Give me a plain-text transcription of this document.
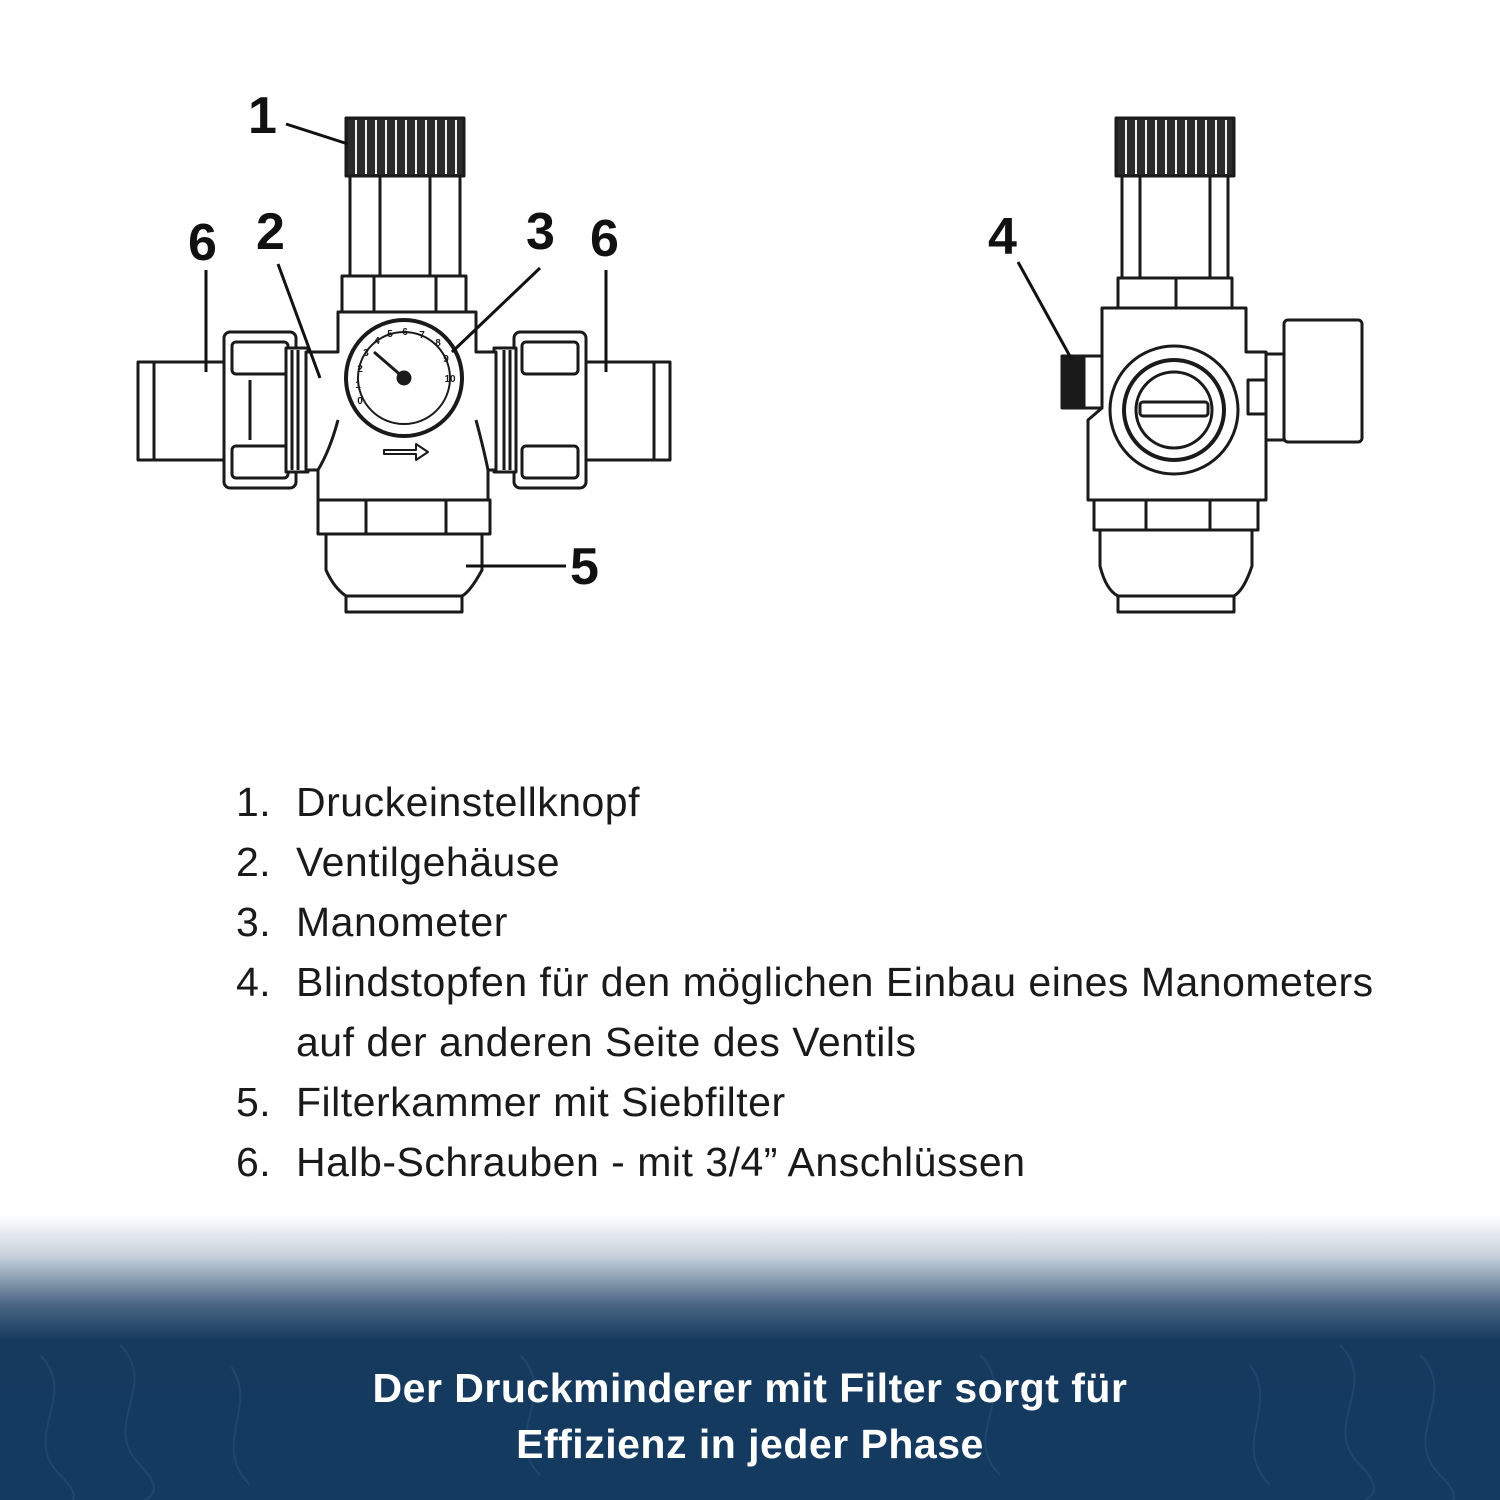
0
1
2
3
4
5 6 7
8
9
10
1
2	3
6	6
5
4
1. Druckeinstellknopf
2. Ventilgehäuse
3. Manometer
4. Blindstopfen für den möglichen Einbau eines Manometers auf der anderen Seite des Ventils
5. Filterkammer mit Siebfilter
6. Halb-Schrauben - mit 3/4” Anschlüssen
Der Druckminderer mit Filter sorgt für
Effizienz in jeder Phase
